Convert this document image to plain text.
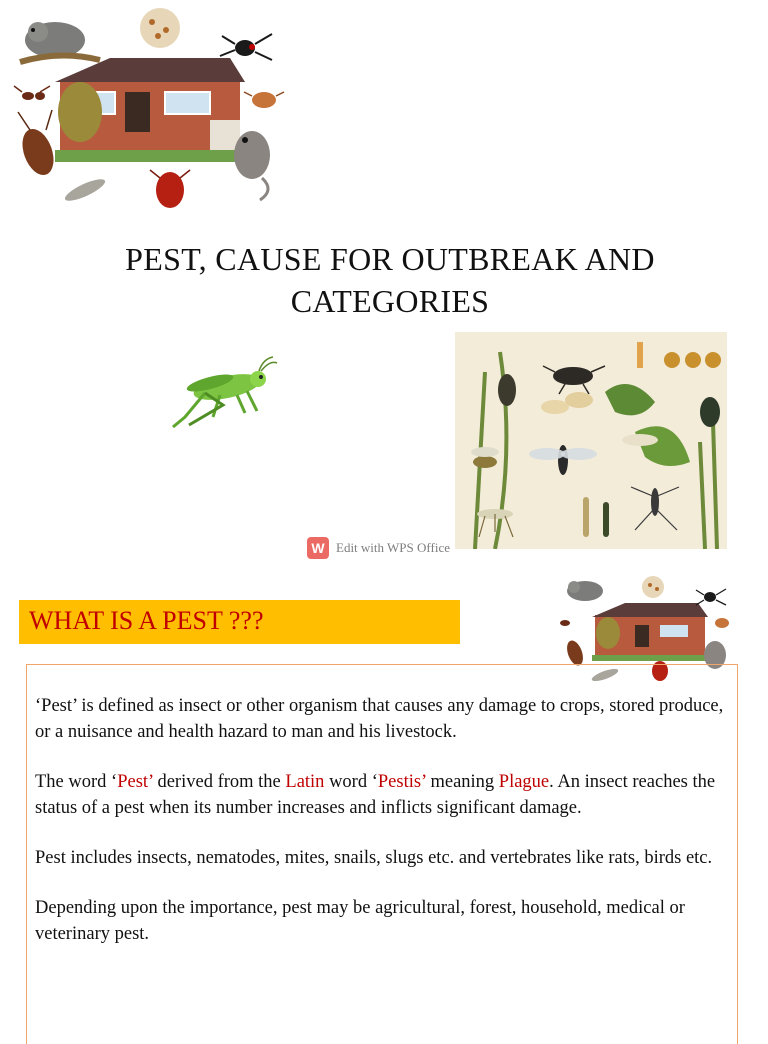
PEST, CAUSE FOR OUTBREAK AND
CATEGORIES
W Edit with WPS Office
WHAT IS A PEST ???

‘Pest’ is defined as insect or other organism that causes any damage to crops, stored produce, or a nuisance and health hazard to man and his livestock.

The word ‘Pest’ derived from the Latin word ‘Pestis’ meaning Plague. An insect reaches the status of a pest when its number increases and inflicts significant damage.

Pest includes insects, nematodes, mites, snails, slugs etc. and vertebrates like rats, birds etc.

Depending upon the importance, pest may be agricultural, forest, household, medical or veterinary pest.
